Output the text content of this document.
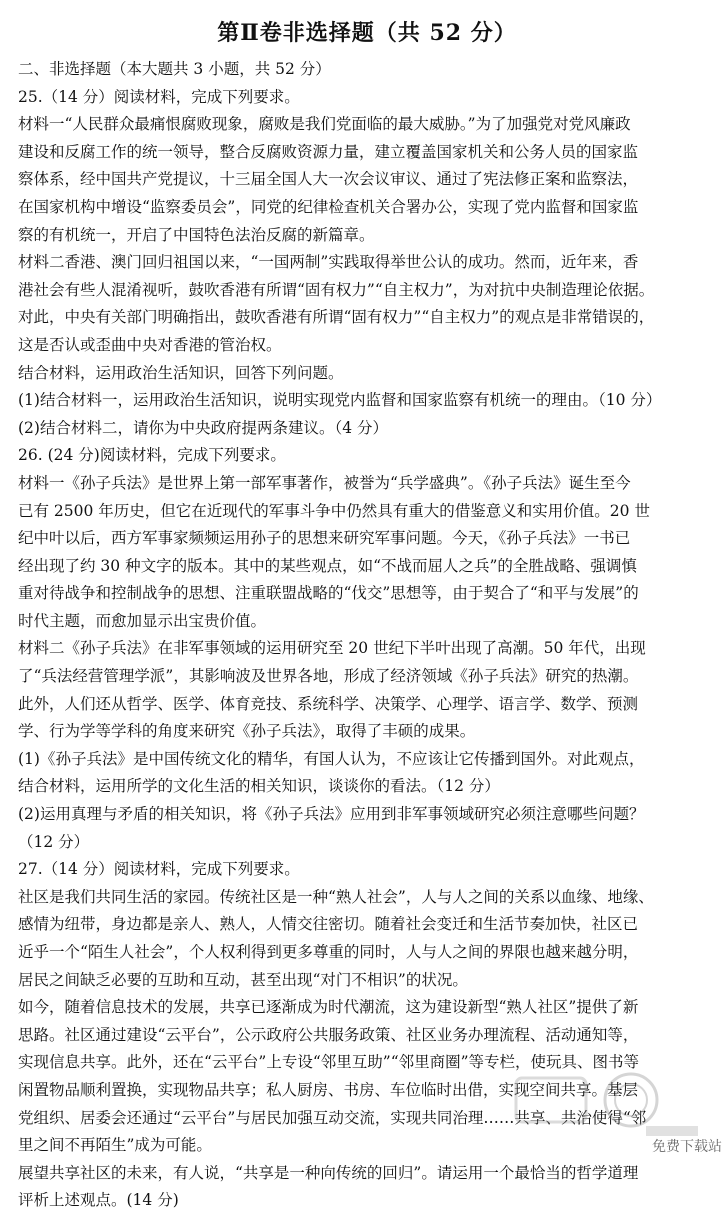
第Ⅱ卷非选择题（共 52 分）
二、非选择题（本大题共 3 小题，共 52 分）
25.（14 分）阅读材料，完成下列要求。
材料一“人民群众最痛恨腐败现象，腐败是我们党面临的最大威胁。”为了加强党对党风廉政
建设和反腐工作的统一领导，整合反腐败资源力量，建立覆盖国家机关和公务人员的国家监
察体系，经中国共产党提议，十三届全国人大一次会议审议、通过了宪法修正案和监察法，
在国家机构中增设“监察委员会”，同党的纪律检查机关合署办公，实现了党内监督和国家监
察的有机统一，开启了中国特色法治反腐的新篇章。
材料二香港、澳门回归祖国以来，“一国两制”实践取得举世公认的成功。然而，近年来，香
港社会有些人混淆视听，鼓吹香港有所谓“固有权力”“自主权力”，为对抗中央制造理论依据。
对此，中央有关部门明确指出，鼓吹香港有所谓“固有权力”“自主权力”的观点是非常错误的，
这是否认或歪曲中央对香港的管治权。
结合材料，运用政治生活知识，回答下列问题。
(1)结合材料一，运用政治生活知识，说明实现党内监督和国家监察有机统一的理由。（10 分）
(2)结合材料二，请你为中央政府提两条建议。（4 分）
26. (24 分)阅读材料，完成下列要求。
材料一《孙子兵法》是世界上第一部军事著作，被誉为“兵学盛典”。《孙子兵法》诞生至今
已有 2500 年历史，但它在近现代的军事斗争中仍然具有重大的借鉴意义和实用价值。20 世
纪中叶以后，西方军事家频频运用孙子的思想来研究军事问题。今天，《孙子兵法》一书已
经出现了约 30 种文字的版本。其中的某些观点，如“不战而屈人之兵”的全胜战略、强调慎
重对待战争和控制战争的思想、注重联盟战略的“伐交”思想等，由于契合了“和平与发展”的
时代主题，而愈加显示出宝贵价值。
材料二《孙子兵法》在非军事领域的运用研究至 20 世纪下半叶出现了高潮。50 年代，出现
了“兵法经营管理学派”，其影响波及世界各地，形成了经济领域《孙子兵法》研究的热潮。
此外，人们还从哲学、医学、体育竞技、系统科学、决策学、心理学、语言学、数学、预测
学、行为学等学科的角度来研究《孙子兵法》，取得了丰硕的成果。
(1)《孙子兵法》是中国传统文化的精华，有国人认为，不应该让它传播到国外。对此观点，
结合材料，运用所学的文化生活的相关知识，谈谈你的看法。（12 分）
(2)运用真理与矛盾的相关知识，将《孙子兵法》应用到非军事领域研究必须注意哪些问题？
（12 分）
27.（14 分）阅读材料，完成下列要求。
社区是我们共同生活的家园。传统社区是一种“熟人社会”，人与人之间的关系以血缘、地缘、
感情为纽带，身边都是亲人、熟人，人情交往密切。随着社会变迁和生活节奏加快，社区已
近乎一个“陌生人社会”，个人权利得到更多尊重的同时，人与人之间的界限也越来越分明，
居民之间缺乏必要的互助和互动，甚至出现“对门不相识”的状况。
如今，随着信息技术的发展，共享已逐渐成为时代潮流，这为建设新型“熟人社区”提供了新
思路。社区通过建设“云平台”，公示政府公共服务政策、社区业务办理流程、活动通知等，
实现信息共享。此外，还在“云平台”上专设“邻里互助”“邻里商圈”等专栏，使玩具、图书等
闲置物品顺利置换，实现物品共享；私人厨房、书房、车位临时出借，实现空间共享。基层
党组织、居委会还通过“云平台”与居民加强互动交流，实现共同治理……共享、共治使得“邻
里之间不再陌生”成为可能。
展望共享社区的未来，有人说，“共享是一种向传统的回归”。请运用一个最恰当的哲学道理
评析上述观点。(14 分)
免费下载站
